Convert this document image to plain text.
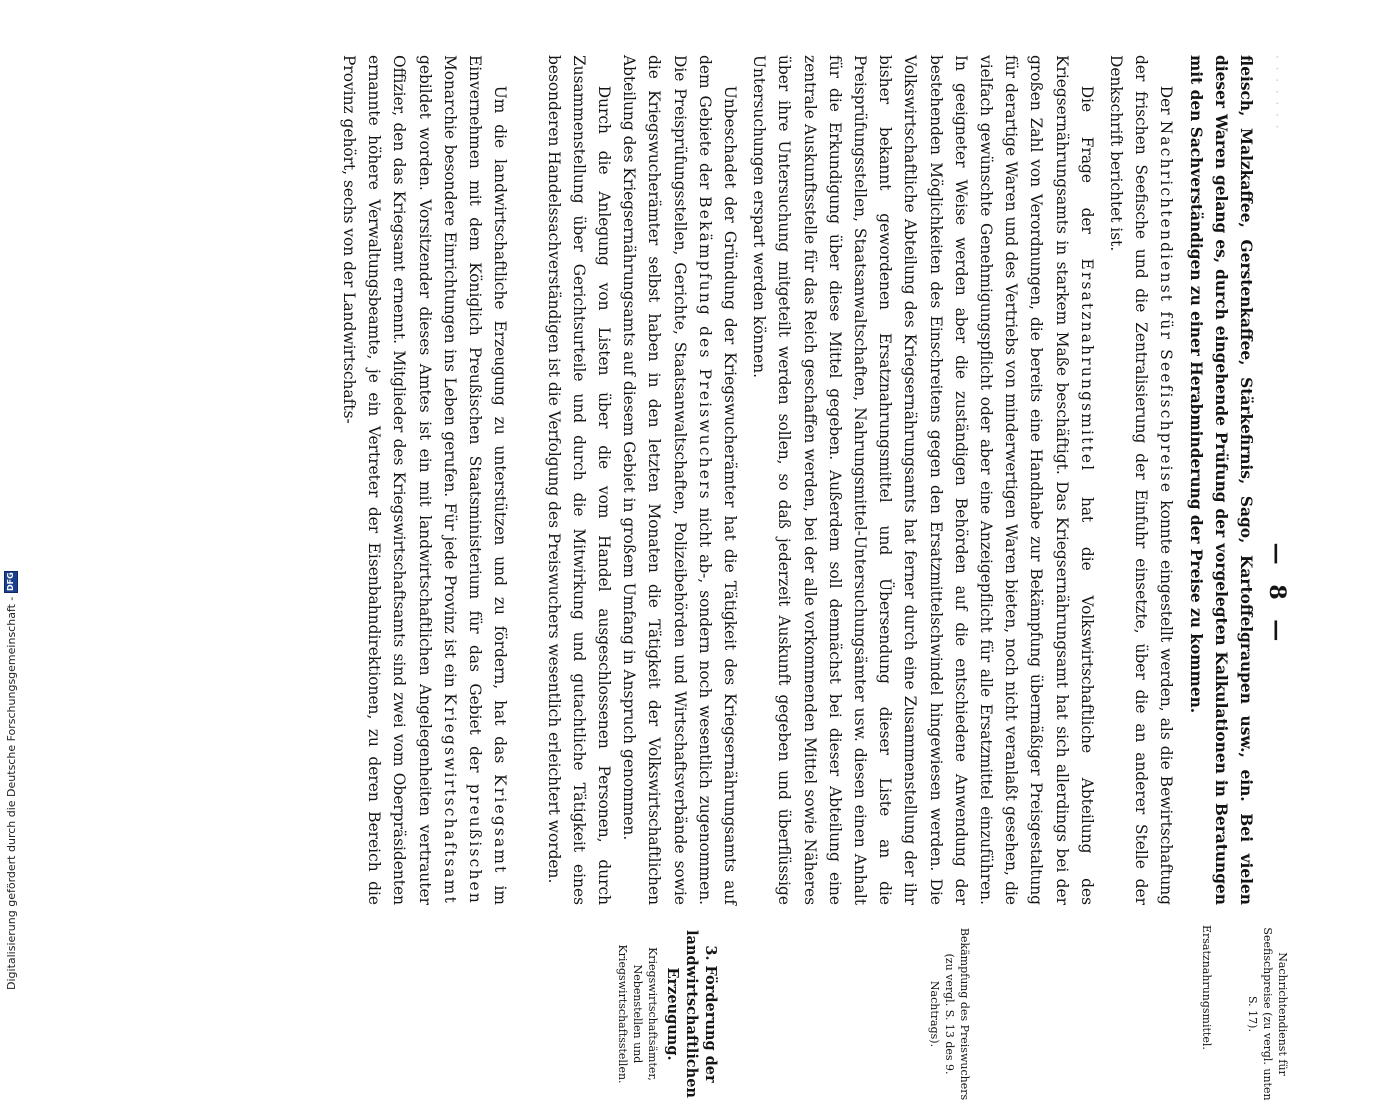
· · · · · · ·
— 8 —

fleisch, Malzkaffee, Gerstenkaffee, Stärkefirnis, Sago, Kartoffelgraupen usw., ein. Bei vielen dieser Waren gelang es, durch eingehende Prüfung der vorgelegten Kalkulationen in Beratungen mit den Sachverständigen zu einer Herabminderung der Preise zu kommen.

Der Nachrichtendienst für Seefischpreise konnte eingestellt werden, als die Bewirtschaftung der frischen Seefische und die Zentralisierung der Einfuhr einsetzte, über die an anderer Stelle der Denkschrift berichtet ist.

Die Frage der Ersatznahrungsmittel hat die Volkswirtschaftliche Abteilung des Kriegsernährungsamts in starkem Maße beschäftigt. Das Kriegsernährungsamt hat sich allerdings bei der großen Zahl von Verordnungen, die bereits eine Handhabe zur Bekämpfung übermäßiger Preisgestaltung für derartige Waren und des Vertriebs von minderwertigen Waren bieten, noch nicht veranlaßt gesehen, die vielfach gewünschte Genehmigungspflicht oder aber eine Anzeigepflicht für alle Ersatzmittel einzuführen. In geeigneter Weise werden aber die zuständigen Behörden auf die entschiedene Anwendung der bestehenden Möglichkeiten des Einschreitens gegen den Ersatzmittelschwindel hingewiesen werden. Die Volkswirtschaftliche Abteilung des Kriegsernährungsamts hat ferner durch eine Zusammenstellung der ihr bisher bekannt gewordenen Ersatznahrungsmittel und Übersendung dieser Liste an die Preisprüfungsstellen, Staatsanwaltschaften, Nahrungsmittel-Untersuchungsämter usw. diesen einen Anhalt für die Erkundigung über diese Mittel gegeben. Außerdem soll demnächst bei dieser Abteilung eine zentrale Auskunftsstelle für das Reich geschaffen werden, bei der alle vorkommenden Mittel sowie Näheres über ihre Untersuchung mitgeteilt werden sollen, so daß jederzeit Auskunft gegeben und überflüssige Untersuchungen erspart werden können.

Unbeschadet der Gründung der Kriegswucherämter hat die Tätigkeit des Kriegsernährungsamts auf dem Gebiete der Bekämpfung des Preiswuchers nicht ab-, sondern noch wesentlich zugenommen. Die Preisprüfungsstellen, Gerichte, Staatsanwaltschaften, Polizeibehörden und Wirtschaftsverbände sowie die Kriegswucherämter selbst haben in den letzten Monaten die Tätigkeit der Volkswirtschaftlichen Abteilung des Kriegsernährungsamts auf diesem Gebiet in großem Umfang in Anspruch genommen.

Durch die Anlegung von Listen über die vom Handel ausgeschlossenen Personen, durch Zusammenstellung über Gerichtsurteile und durch die Mitwirkung und gutachtliche Tätigkeit eines besonderen Handelssachverständigen ist die Verfolgung des Preiswuchers wesentlich erleichtert worden.

Um die landwirtschaftliche Erzeugung zu unterstützen und zu fördern, hat das Kriegsamt im Einvernehmen mit dem Königlich Preußischen Staatsministerium für das Gebiet der preußischen Monarchie besondere Einrichtungen ins Leben gerufen. Für jede Provinz ist ein Kriegswirtschaftsamt gebildet worden. Vorsitzender dieses Amtes ist ein mit landwirtschaftlichen Angelegenheiten vertrauter Offizier, den das Kriegsamt ernennt. Mitglieder des Kriegswirtschaftsamts sind zwei vom Oberpräsidenten ernannte höhere Verwaltungsbeamte, je ein Vertreter der Eisenbahndirektionen, zu deren Bereich die Provinz gehört, sechs von der Landwirtschafts-

Nachrichtendienst für Seefischpreise (zu vergl. unten S. 17).
Ersatznahrungsmittel.
Bekämpfung des Preiswuchers (zu vergl. S. 13 des 9. Nachtrags).
3. Förderung der landwirtschaftlichen Erzeugung.
Kriegswirtschaftsämter, Nebenstellen und Kriegswirtschaftsstellen.
Digitalisierung gefördert durch die Deutsche Forschungsgemeinschaft -
DFG
